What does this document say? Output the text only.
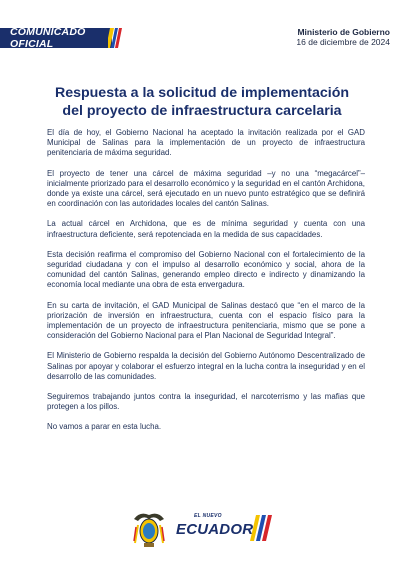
COMUNICADO OFICIAL
Ministerio de Gobierno
16 de diciembre de 2024
Respuesta a la solicitud de implementación
del proyecto de infraestructura carcelaria

El día de hoy, el Gobierno Nacional ha aceptado la invitación realizada por el GAD Municipal de Salinas para la implementación de un proyecto de infraestructura penitenciaria de máxima seguridad.

El proyecto de tener una cárcel de máxima seguridad –y no una “megacárcel”– inicialmente priorizado para el desarrollo económico y la seguridad en el cantón Archidona, donde ya existe una cárcel, será ejecutado en un nuevo punto estratégico que se definirá en coordinación con las autoridades locales del cantón Salinas.

La actual cárcel en Archidona, que es de mínima seguridad y cuenta con una infraestructura deficiente, será repotenciada en la medida de sus capacidades.

Esta decisión reafirma el compromiso del Gobierno Nacional con el fortalecimiento de la seguridad ciudadana y con el impulso al desarrollo económico y social, ahora de la comunidad del cantón Salinas, generando empleo directo e indirecto y dinamizando la economía local mediante una obra de esta envergadura.

En su carta de invitación, el GAD Municipal de Salinas destacó que “en el marco de la priorización de inversión en infraestructura, cuenta con el espacio físico para la implementación de un proyecto de infraestructura penitenciaria, mismo que se pone a consideración del Gobierno Nacional para el Plan Nacional de Seguridad Integral”.

El Ministerio de Gobierno respalda la decisión del Gobierno Autónomo Descentralizado de Salinas por apoyar y colaborar el esfuerzo integral en la lucha contra la inseguridad y en el desarrollo de las comunidades.

Seguiremos trabajando juntos contra la inseguridad, el narcoterrismo y las mafias que protegen a los pillos.

No vamos a parar en esta lucha.

EL NUEVO
ECUADOR
